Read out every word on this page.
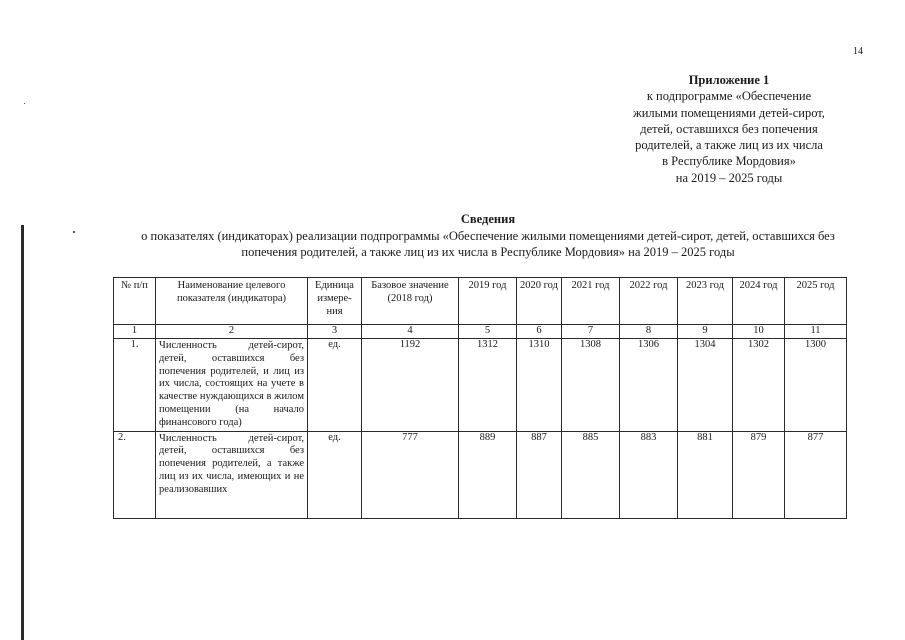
14
Приложение 1
к подпрограмме «Обеспечение
жилыми помещениями детей-сирот,
детей, оставшихся без попечения
родителей, а также лиц из их числа
в Республике Мордовия»
на 2019 – 2025 годы
Сведения
о показателях (индикаторах) реализации подпрограммы «Обеспечение жилыми помещениями детей-сирот, детей, оставшихся без попечения родителей, а также лиц из их числа в Республике Мордовия» на 2019 – 2025 годы
№ п/п	Наименование целевого показателя (индикатора)	Единица измере-ния	Базовое значение (2018 год)	2019 год	2020 год	2021 год	2022 год	2023 год	2024 год	2025 год
1	2	3	4	5	6	7	8	9	10	11
1.	Численность детей-сирот, детей, оставшихся без попечения родителей, и лиц из их числа, состоящих на учете в качестве нуждающихся в жилом помещении (на начало финансового года)	ед.	1192	1312	1310	1308	1306	1304	1302	1300
2.	Численность детей-сирот, детей, оставшихся без попечения родителей, а также лиц из их числа, имеющих и не реализовавших	ед.	777	889	887	885	883	881	879	877
